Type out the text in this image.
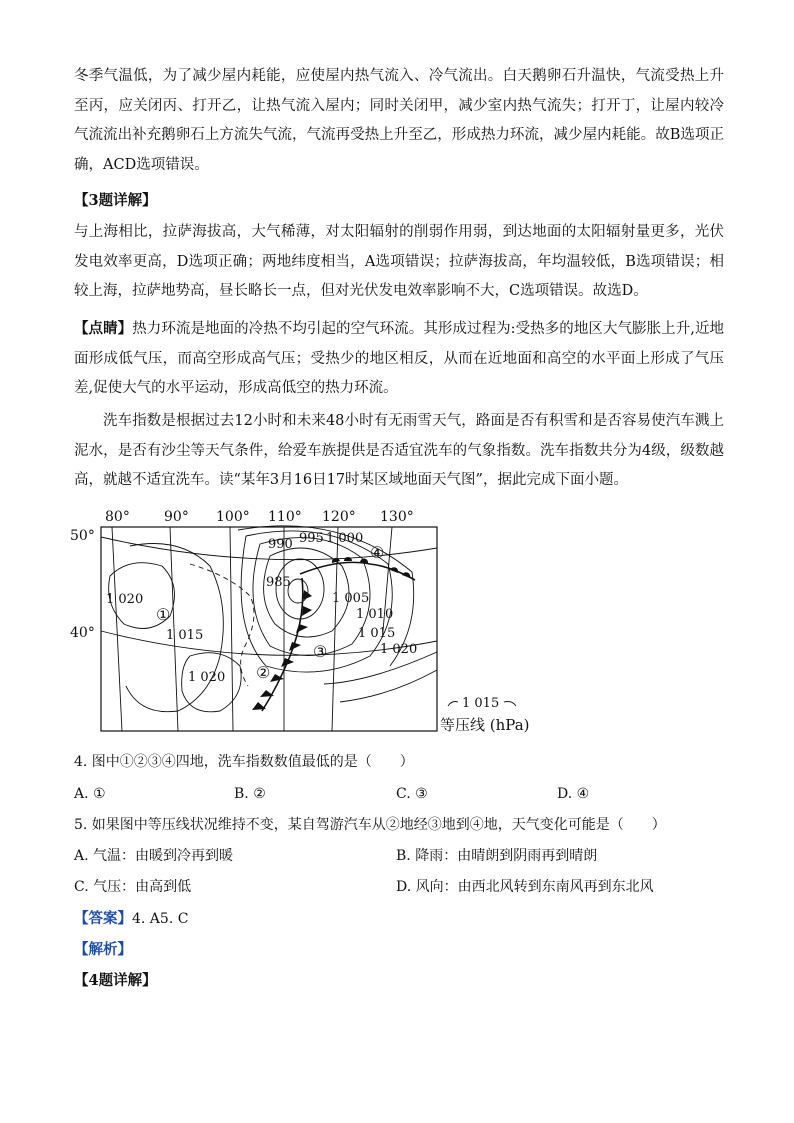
冬季气温低，为了减少屋内耗能，应使屋内热气流入、冷气流出。白天鹅卵石升温快，气流受热上升至丙，应关闭丙、打开乙，让热气流入屋内；同时关闭甲，减少室内热气流失；打开丁，让屋内较冷气流流出补充鹅卵石上方流失气流，气流再受热上升至乙，形成热力环流，减少屋内耗能。故B选项正确，ACD选项错误。

【3题详解】

与上海相比，拉萨海拔高，大气稀薄，对太阳辐射的削弱作用弱，到达地面的太阳辐射量更多，光伏发电效率更高，D选项正确；两地纬度相当，A选项错误；拉萨海拔高，年均温较低，B选项错误；相较上海，拉萨地势高，昼长略长一点，但对光伏发电效率影响不大，C选项错误。故选D。

【点睛】热力环流是地面的冷热不均引起的空气环流。其形成过程为:受热多的地区大气膨胀上升,近地面形成低气压，而高空形成高气压；受热少的地区相反，从而在近地面和高空的水平面上形成了气压差,促使大气的水平运动，形成高低空的热力环流。

洗车指数是根据过去12小时和未来48小时有无雨雪天气，路面是否有积雪和是否容易使汽车溅上泥水，是否有沙尘等天气条件，给爱车族提供是否适宜洗车的气象指数。洗车指数共分为4级，级数越高，就越不适宜洗车。读“某年3月16日17时某区域地面天气图”，据此完成下面小题。

80° 90° 100° 110° 120° 130°
50°
40°
990 995 1 000
985
1 005
1 010
1 015
1 020
1 015
1 020
1 020
①
②
③
④
1 015
等压线 (hPa)
4. 图中①②③④四地，洗车指数数值最低的是（　　）
A. ①	B. ②	C. ③	D. ④
5. 如果图中等压线状况维持不变，某自驾游汽车从②地经③地到④地，天气变化可能是（　　）
A. 气温：由暖到冷再到暖	B. 降雨：由晴朗到阴雨再到晴朗
C. 气压：由高到低	D. 风向：由西北风转到东南风再到东北风
【答案】4. A5. C
【解析】
【4题详解】
